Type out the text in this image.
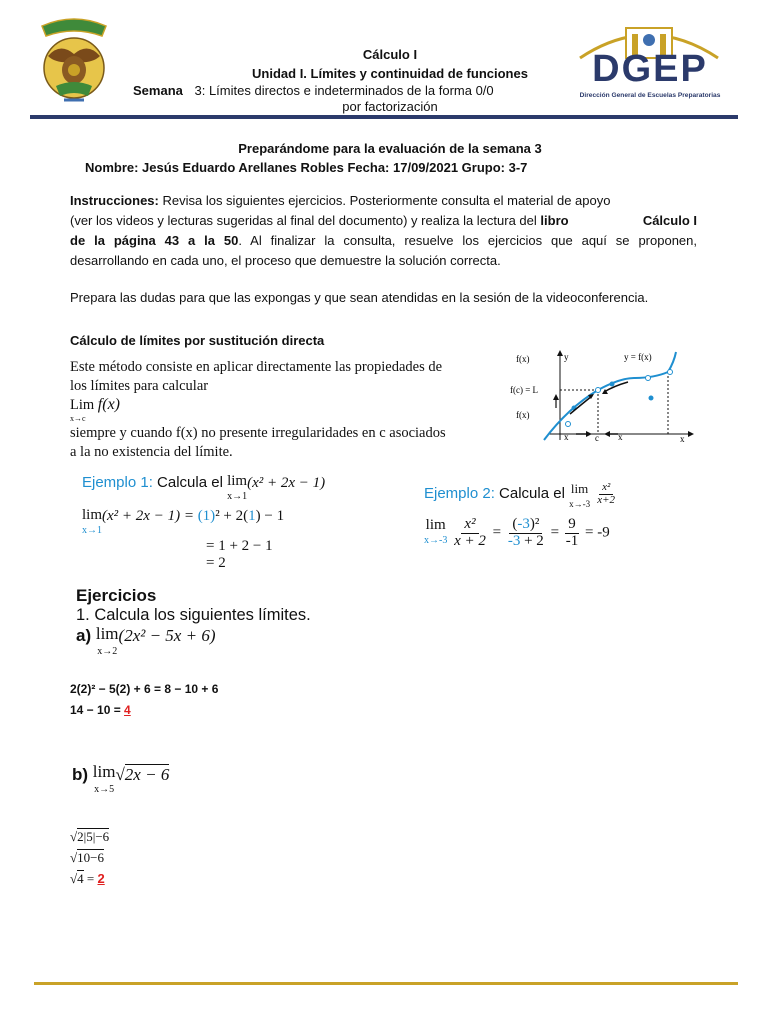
Cálculo I
Unidad I. Límites y continuidad de funciones
Semana 3: Límites directos e indeterminados de la forma 0/0
por factorización
DGEP
Dirección General de Escuelas Preparatorias
Preparándome para la evaluación de la semana 3
Nombre: Jesús Eduardo Arellanes Robles Fecha: 17/09/2021 Grupo: 3-7
Instrucciones: Revisa los siguientes ejercicios. Posteriormente consulta el material de apoyo
(ver los videos y lecturas sugeridas al final del documento) y realiza la lectura del libro	Cálculo I
de la página 43 a la 50. Al finalizar la consulta, resuelve los ejercicios que aquí se proponen,
desarrollando en cada uno, el proceso que demuestre la solución correcta.
Prepara las dudas para que las expongas y que sean atendidas en la sesión de la videoconferencia.
Cálculo de límites por sustitución directa
Este método consiste en aplicar directamente las propiedades de
los límites para calcular
Lim f(x)
x→c
siempre y cuando f(x) no presente irregularidades en c asociados
a la no existencia del límite.
f(x)	y	y = f(x)
f(c) = L
f(x)
x	c x	x
Ejemplo 1: Calcula el lim
x→1(x² + 2x − 1)
lim
x→1(x² + 2x − 1) = (1)² + 2(1) − 1
= 1 + 2 − 1
= 2
Ejemplo 2: Calcula el lim
$x\to-3 \frac{\text{x²}}{x+2}$
lim
$x\to-3 \frac{\text{x²}}{x + 2} = \frac{\text{(-3)²}}{-3 + 2} = \frac{9}{-1} = -9$
Ejercicios
1. Calcula los siguientes límites.
a) lim
x→2(2x² − 5x + 6)
2(2)² − 5(2) + 6 = 8 − 10 + 6
14 − 10 = 4
b) lim
x→5√2x − 6
√2|5|−6
√10−6
√4 = 2
